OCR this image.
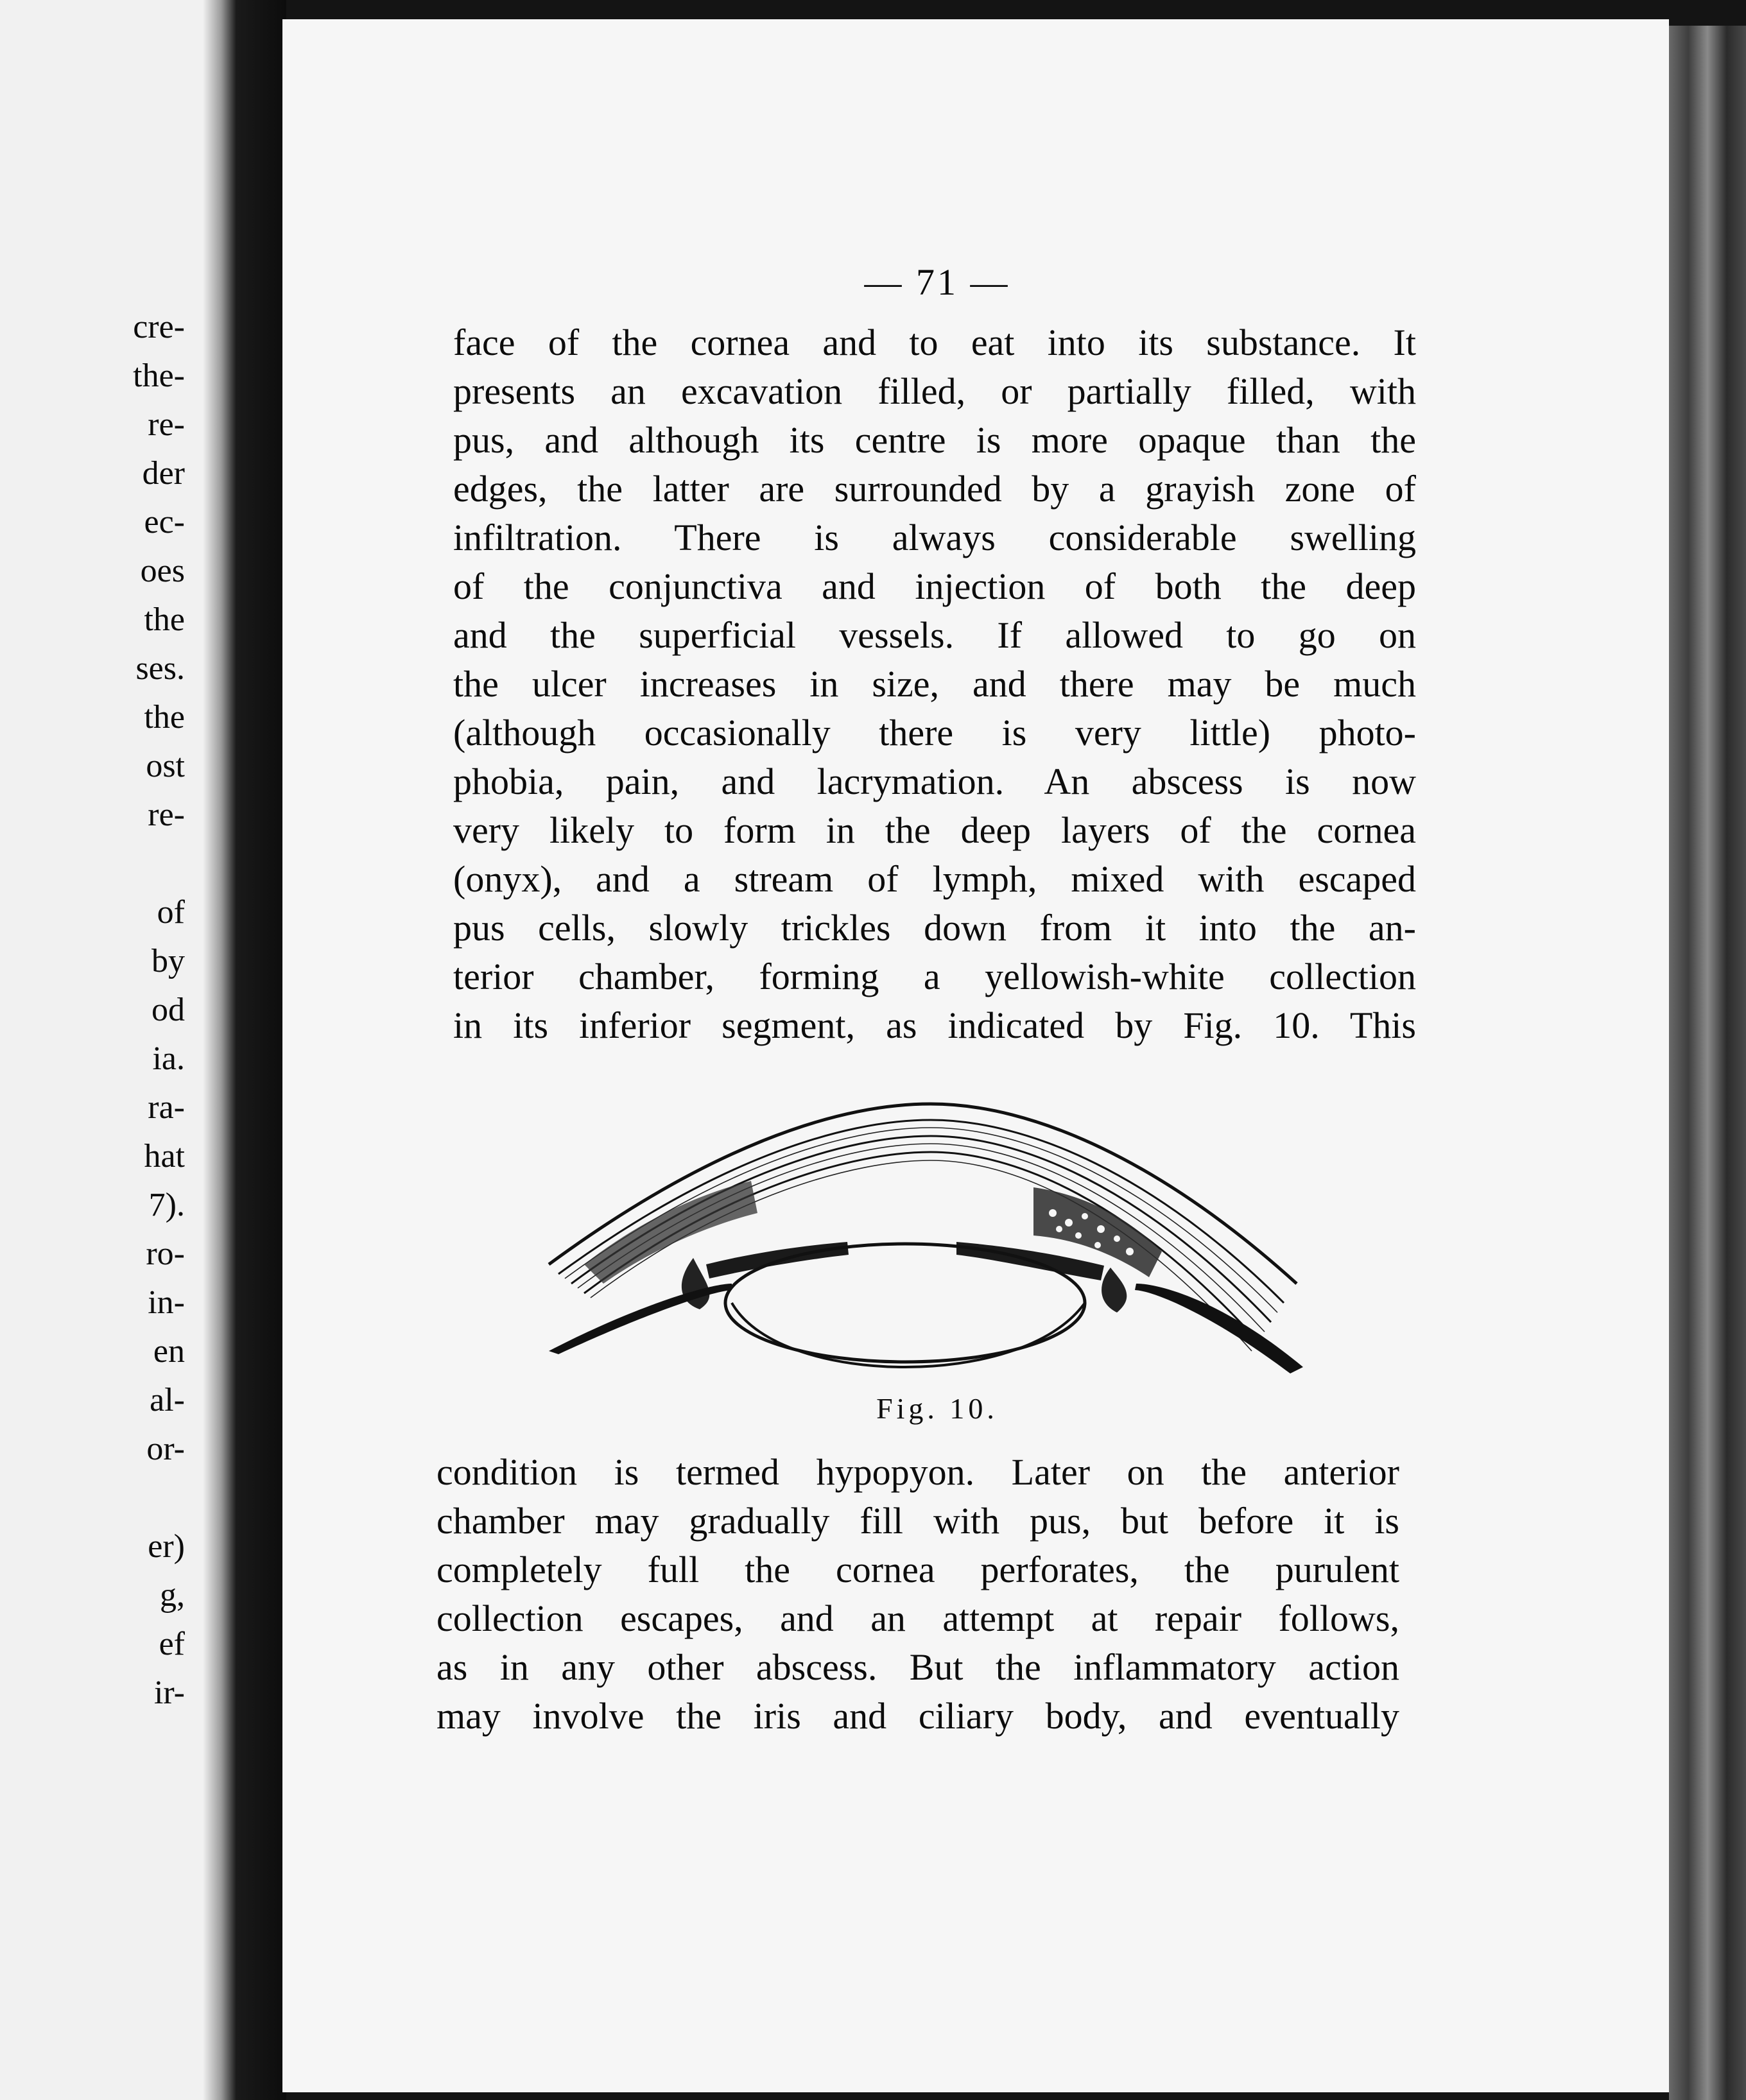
cre-
the-
re-
der
ec-
oes
the
ses.
the
ost
re-
of
by
od
ia.
ra-
hat
7).
ro-
in-
en
al-
or-
er)
g,
ef
ir-
— 71 —
face of the cornea and to eat into its substance. It
presents an excavation filled, or partially filled, with
pus, and although its centre is more opaque than the
edges, the latter are surrounded by a grayish zone of
infiltration. There is always considerable swelling
of the conjunctiva and injection of both the deep
and the superficial vessels. If allowed to go on
the ulcer increases in size, and there may be much
(although occasionally there is very little) photo-
phobia, pain, and lacrymation. An abscess is now
very likely to form in the deep layers of the cornea
(onyx), and a stream of lymph, mixed with escaped
pus cells, slowly trickles down from it into the an-
terior chamber, forming a yellowish-white collection
in its inferior segment, as indicated by Fig. 10. This
Fig. 10.
condition is termed hypopyon. Later on the anterior
chamber may gradually fill with pus, but before it is
completely full the cornea perforates, the purulent
collection escapes, and an attempt at repair follows,
as in any other abscess. But the inflammatory action
may involve the iris and ciliary body, and eventually
